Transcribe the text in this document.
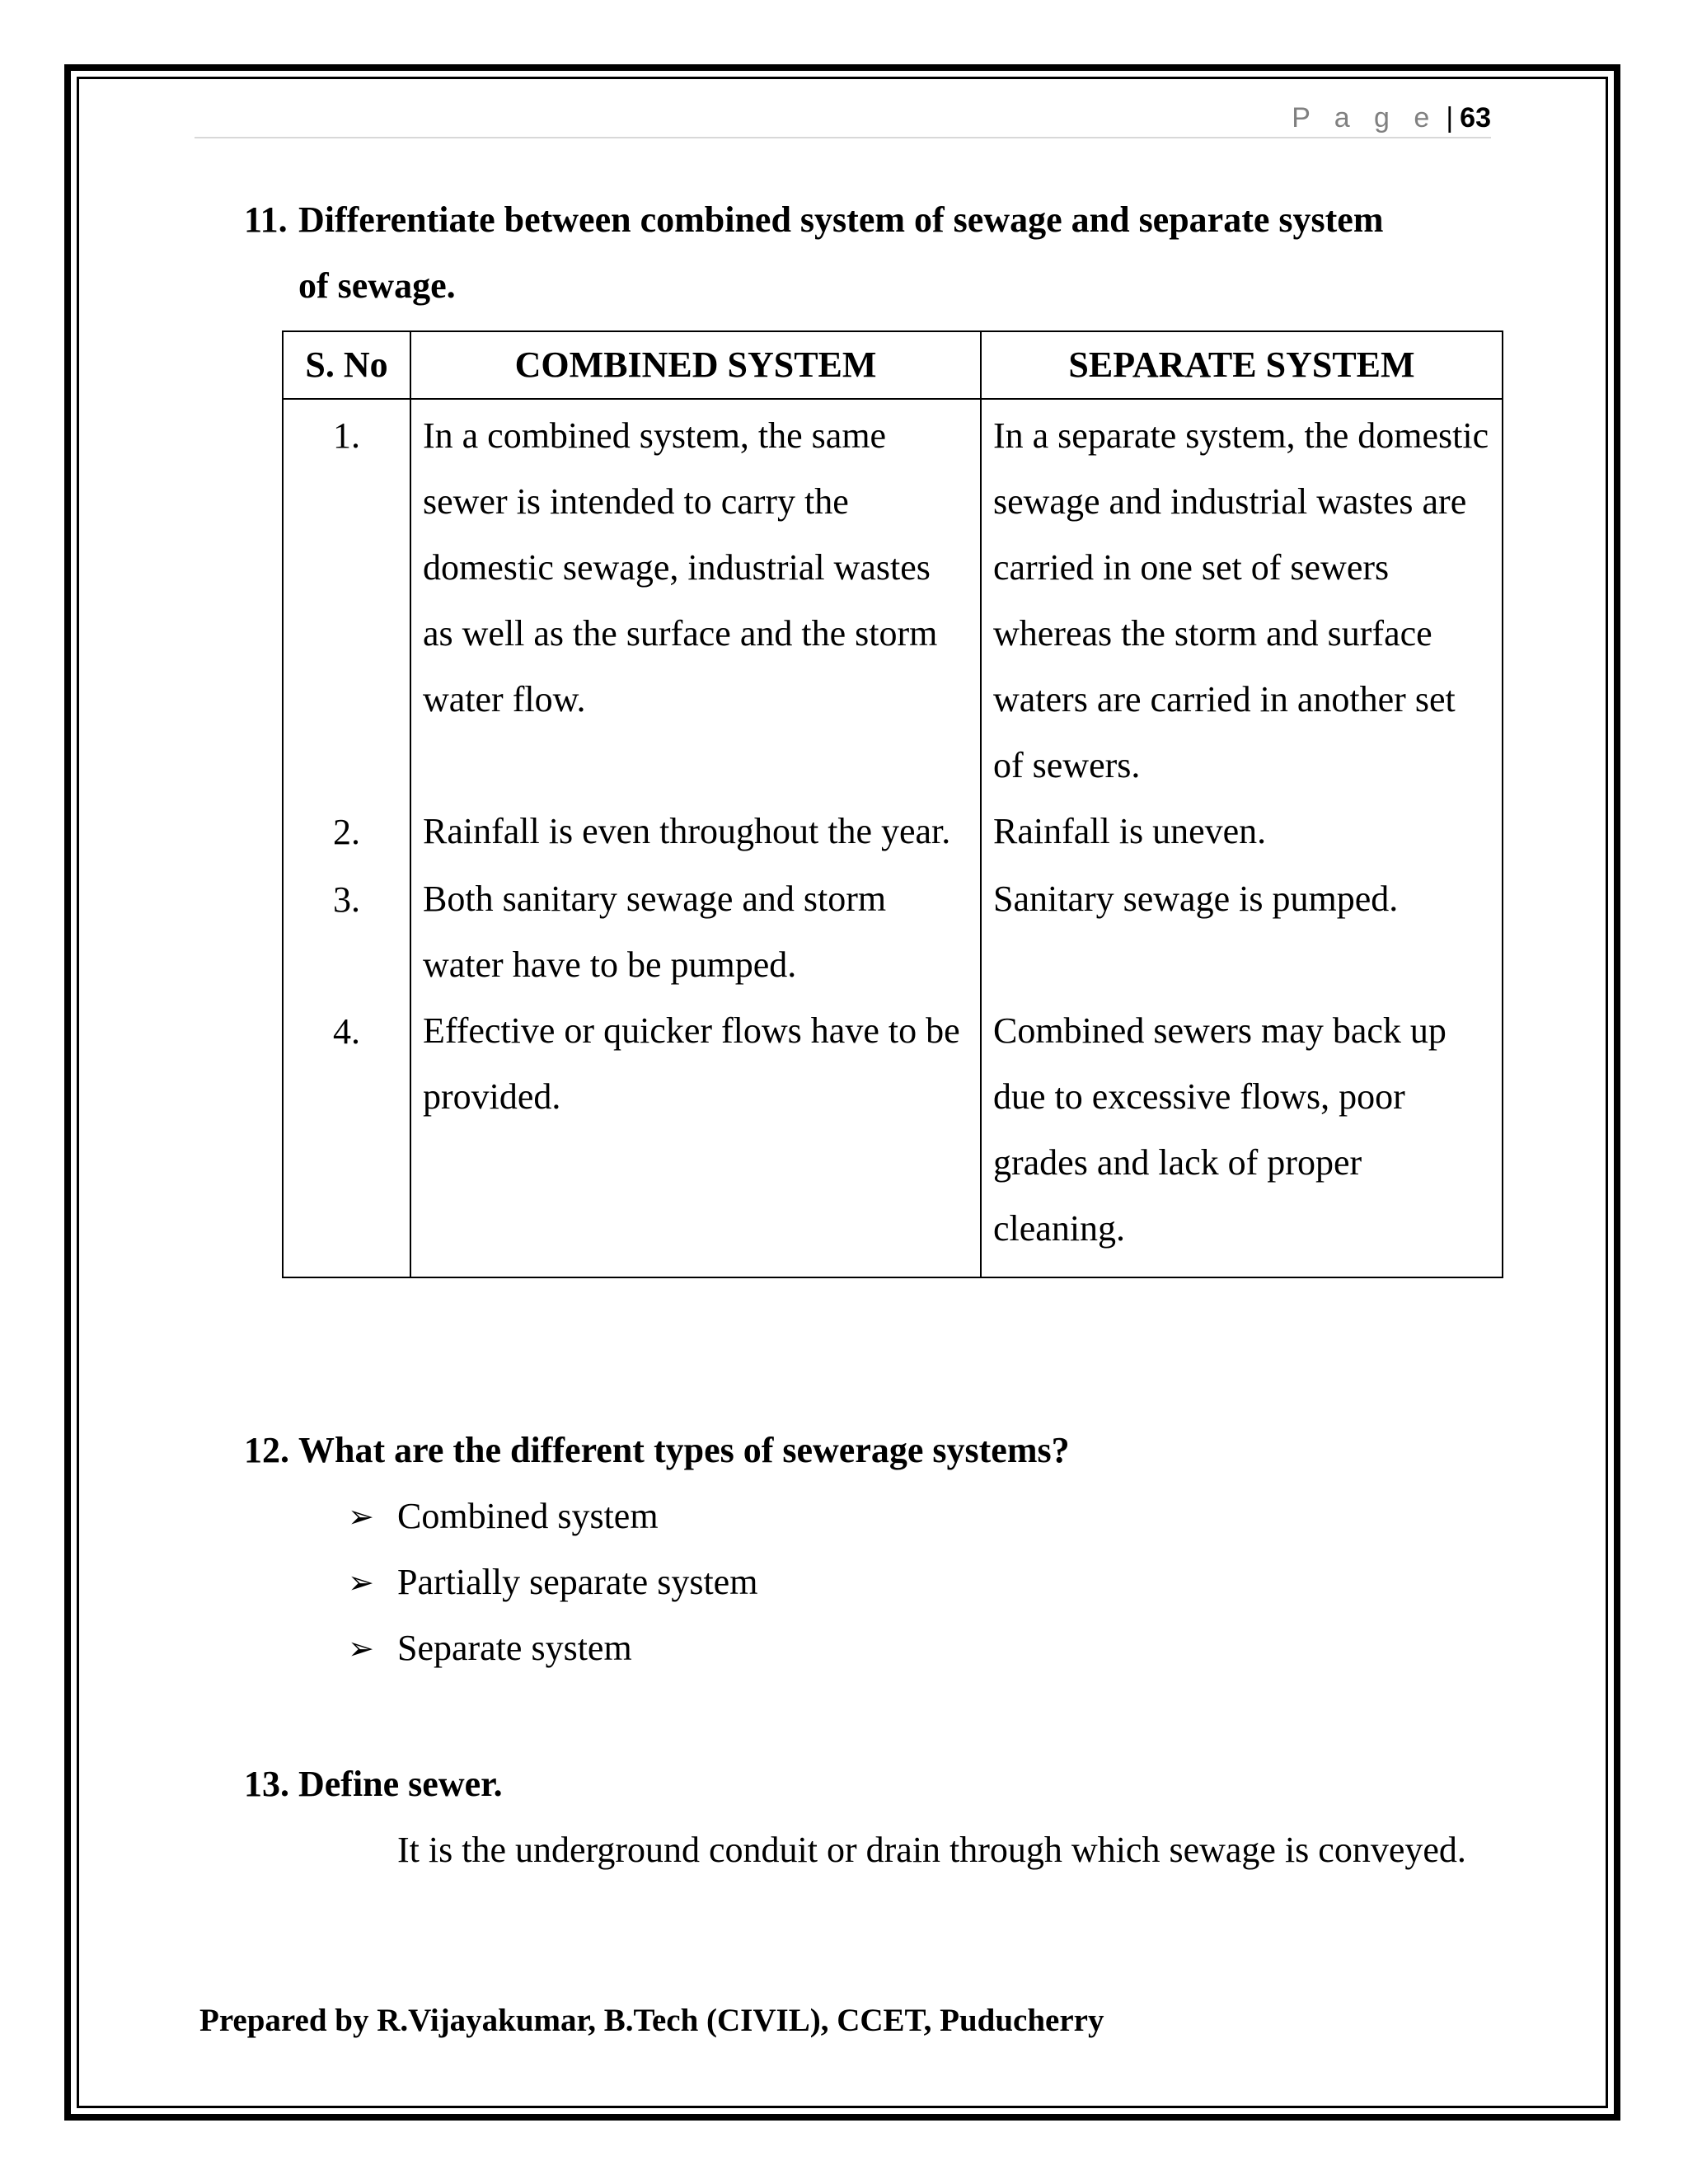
P a g e | 63
11. Differentiate between combined system of sewage and separate system
of sewage.
S. No	COMBINED SYSTEM	SEPARATE SYSTEM
1.	In a combined system, the same sewer is intended to carry the domestic sewage, industrial wastes as well as the surface and the storm water flow.	In a separate system, the domestic sewage and industrial wastes are carried in one set of sewers whereas the storm and surface waters are carried in another set of sewers.
2.	Rainfall is even throughout the year.	Rainfall is uneven.
3.	Both sanitary sewage and storm water have to be pumped.	Sanitary sewage is pumped.
4.	Effective or quicker flows have to be provided.	Combined sewers may back up due to excessive flows, poor grades and lack of proper cleaning.
12. What are the different types of sewerage systems?
➢ Combined system
➢ Partially separate system
➢ Separate system
13. Define sewer.
It is the underground conduit or drain through which sewage is conveyed.
Prepared by R.Vijayakumar, B.Tech (CIVIL), CCET, Puducherry
